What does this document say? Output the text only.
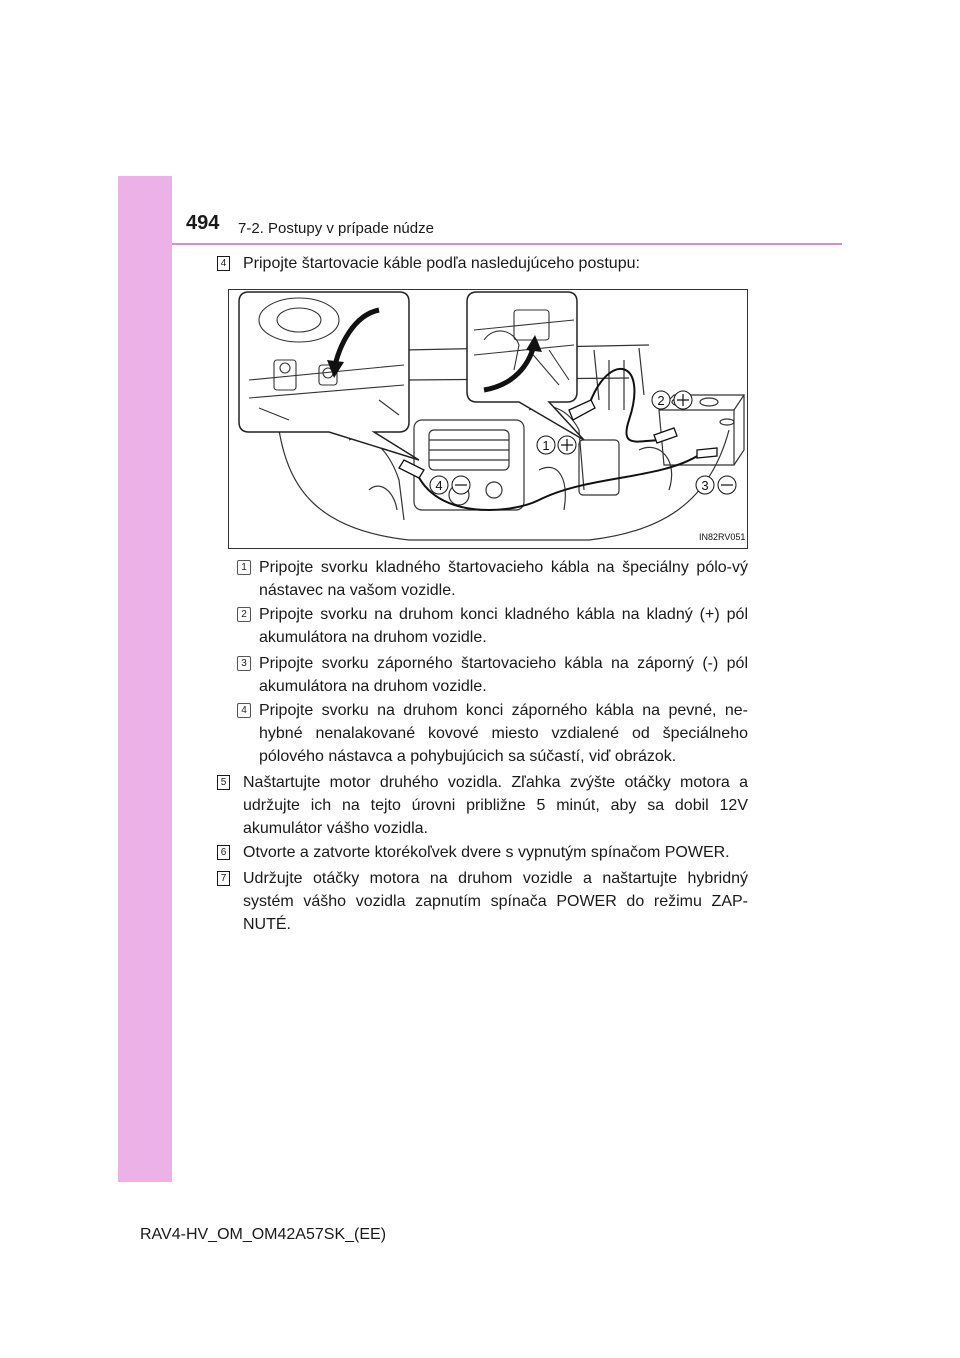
494 7-2. Postupy v prípade núdze
4 Pripojte štartovacie káble podľa nasledujúceho postupu:
1
2
3
4
IN82RV051
1 Pripojte svorku kladného štartovacieho kábla na špeciálny pólo-vý nástavec na vašom vozidle.
2 Pripojte svorku na druhom konci kladného kábla na kladný (+) pól akumulátora na druhom vozidle.
3 Pripojte svorku záporného štartovacieho kábla na záporný (-) pól akumulátora na druhom vozidle.
4 Pripojte svorku na druhom konci záporného kábla na pevné, ne-hybné nenalakované kovové miesto vzdialené od špeciálneho pólového nástavca a pohybujúcich sa súčastí, viď obrázok.
5 Naštartujte motor druhého vozidla. Zľahka zvýšte otáčky motora a udržujte ich na tejto úrovni približne 5 minút, aby sa dobil 12V akumulátor vášho vozidla.
6 Otvorte a zatvorte ktorékoľvek dvere s vypnutým spínačom POWER.
7 Udržujte otáčky motora na druhom vozidle a naštartujte hybridný systém vášho vozidla zapnutím spínača POWER do režimu ZAP-NUTÉ.
RAV4-HV_OM_OM42A57SK_(EE)
